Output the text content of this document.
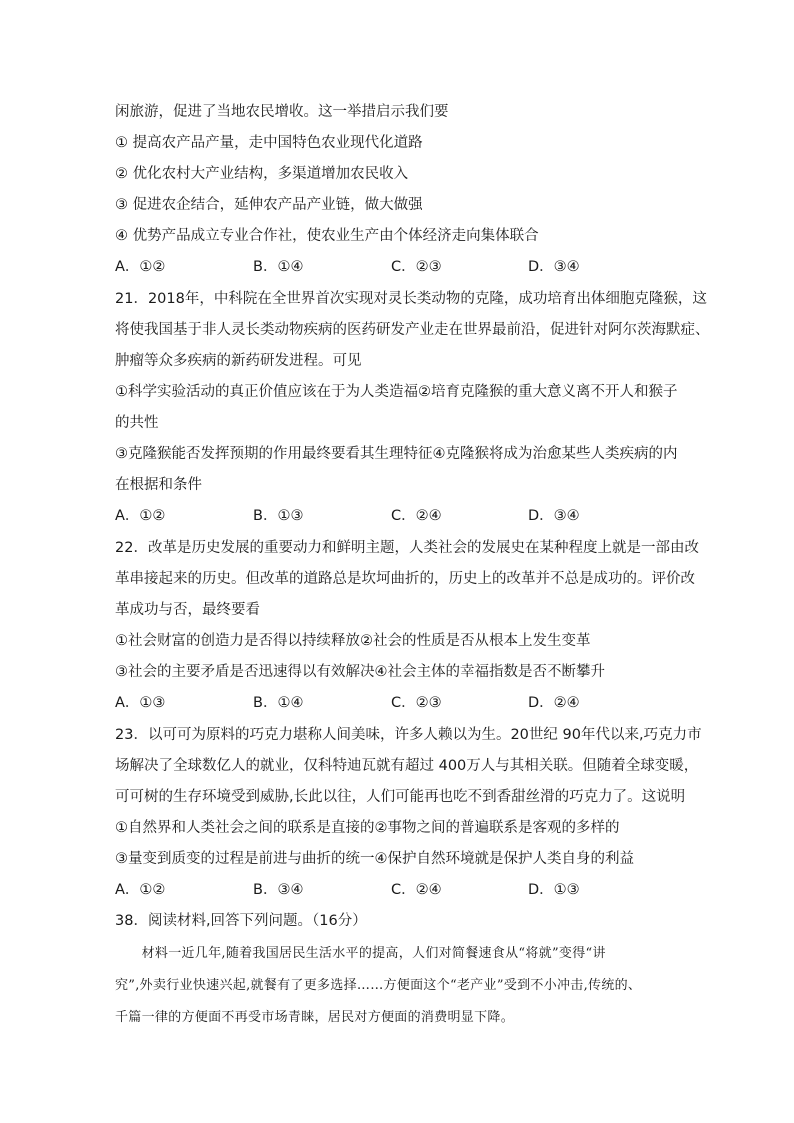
闲旅游，促进了当地农民增收。这一举措启示我们要
① 提高农产品产量，走中国特色农业现代化道路
② 优化农村大产业结构，多渠道增加农民收入
③ 促进农企结合，延伸农产品产业链，做大做强
④ 优势产品成立专业合作社，使农业生产由个体经济走向集体联合
A．①②	B．①④	C．②③	D．③④
21．2018年，中科院在全世界首次实现对灵长类动物的克隆，成功培育出体细胞克隆猴，这
将使我国基于非人灵长类动物疾病的医药研发产业走在世界最前沿，促进针对阿尔茨海默症、
肿瘤等众多疾病的新药研发进程。可见
①科学实验活动的真正价值应该在于为人类造福②培育克隆猴的重大意义离不开人和猴子
的共性
③克隆猴能否发挥预期的作用最终要看其生理特征④克隆猴将成为治愈某些人类疾病的内
在根据和条件
A．①②	B．①③	C．②④	D．③④
22．改革是历史发展的重要动力和鲜明主题，人类社会的发展史在某种程度上就是一部由改
革串接起来的历史。但改革的道路总是坎坷曲折的，历史上的改革并不总是成功的。评价改
革成功与否，最终要看
①社会财富的创造力是否得以持续释放②社会的性质是否从根本上发生变革
③社会的主要矛盾是否迅速得以有效解决④社会主体的幸福指数是否不断攀升
A．①③	B．①④	C．②③	D．②④
23．以可可为原料的巧克力堪称人间美味，许多人赖以为生。20世纪 90年代以来,巧克力市
场解决了全球数亿人的就业，仅科特迪瓦就有超过 400万人与其相关联。但随着全球变暖，
可可树的生存环境受到威胁,长此以往，人们可能再也吃不到香甜丝滑的巧克力了。这说明
①自然界和人类社会之间的联系是直接的②事物之间的普遍联系是客观的多样的
③量变到质变的过程是前进与曲折的统一④保护自然环境就是保护人类自身的利益
A．①②	B．③④	C．②④	D．①③
38．阅读材料,回答下列问题。（16分）
　　材料一近几年,随着我国居民生活水平的提高，人们对简餐速食从“将就”变得“讲
究”,外卖行业快速兴起,就餐有了更多选择……方便面这个“老产业”受到不小冲击,传统的、
千篇一律的方便面不再受市场青睐，居民对方便面的消费明显下降。
